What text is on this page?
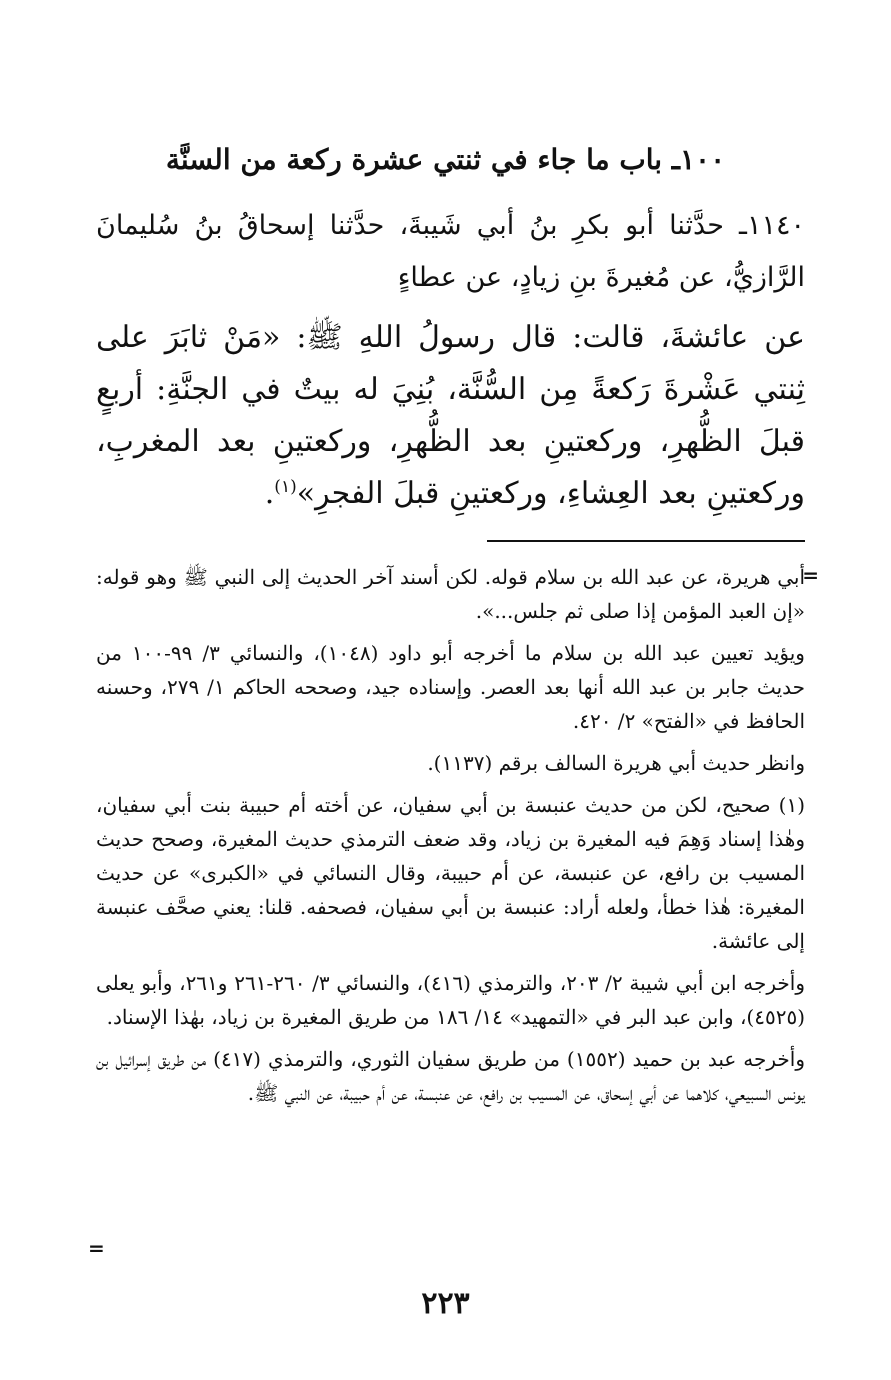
١٠٠ـ باب ما جاء في ثنتي عشرة ركعة من السنَّة

١١٤٠ـ حدَّثنا أبو بكرِ بنُ أبي شَيبةَ، حدَّثنا إسحاقُ بنُ سُليمانَ الرَّازيُّ، عن مُغيرةَ بنِ زيادٍ، عن عطاءٍ

عن عائشةَ، قالت: قال رسولُ اللهِ ﷺ: «مَنْ ثابَرَ على ثِنتي عَشْرةَ رَكعةً مِن السُّنَّة، بُنِيَ له بيتٌ في الجنَّةِ: أربعٍ قبلَ الظُّهرِ، وركعتينِ بعد الظُّهرِ، وركعتينِ بعد المغربِ، وركعتينِ بعد العِشاءِ، وركعتينِ قبلَ الفجرِ»$^{(١)}$.

=

أبي هريرة، عن عبد الله بن سلام قوله. لكن أسند آخر الحديث إلى النبي ﷺ وهو قوله: «إن العبد المؤمن إذا صلى ثم جلس...».

ويؤيد تعيين عبد الله بن سلام ما أخرجه أبو داود (١٠٤٨)، والنسائي ٣/ ٩٩-١٠٠ من حديث جابر بن عبد الله أنها بعد العصر. وإسناده جيد، وصححه الحاكم ١/ ٢٧٩، وحسنه الحافظ في «الفتح» ٢/ ٤٢٠.

وانظر حديث أبي هريرة السالف برقم (١١٣٧).

(١) صحيح، لكن من حديث عنبسة بن أبي سفيان، عن أخته أم حبيبة بنت أبي سفيان، وهٰذا إسناد وَهِمَ فيه المغيرة بن زياد، وقد ضعف الترمذي حديث المغيرة، وصحح حديث المسيب بن رافع، عن عنبسة، عن أم حبيبة، وقال النسائي في «الكبرى» عن حديث المغيرة: هٰذا خطأ، ولعله أراد: عنبسة بن أبي سفيان، فصحفه. قلنا: يعني صحَّف عنبسة إلى عائشة.

وأخرجه ابن أبي شيبة ٢/ ٢٠٣، والترمذي (٤١٦)، والنسائي ٣/ ٢٦٠-٢٦١ و٢٦١، وأبو يعلى (٤٥٢٥)، وابن عبد البر في «التمهيد» ١٤/ ١٨٦ من طريق المغيرة بن زياد، بهٰذا الإسناد.

وأخرجه عبد بن حميد (١٥٥٢) من طريق سفيان الثوري، والترمذي (٤١٧) من طريق إسرائيل بن يونس السبيعي، كلاهما عن أبي إسحاق، عن المسيب بن رافع، عن عنبسة، عن أم حبيبة، عن النبي ﷺ.

=
٢٢٣
